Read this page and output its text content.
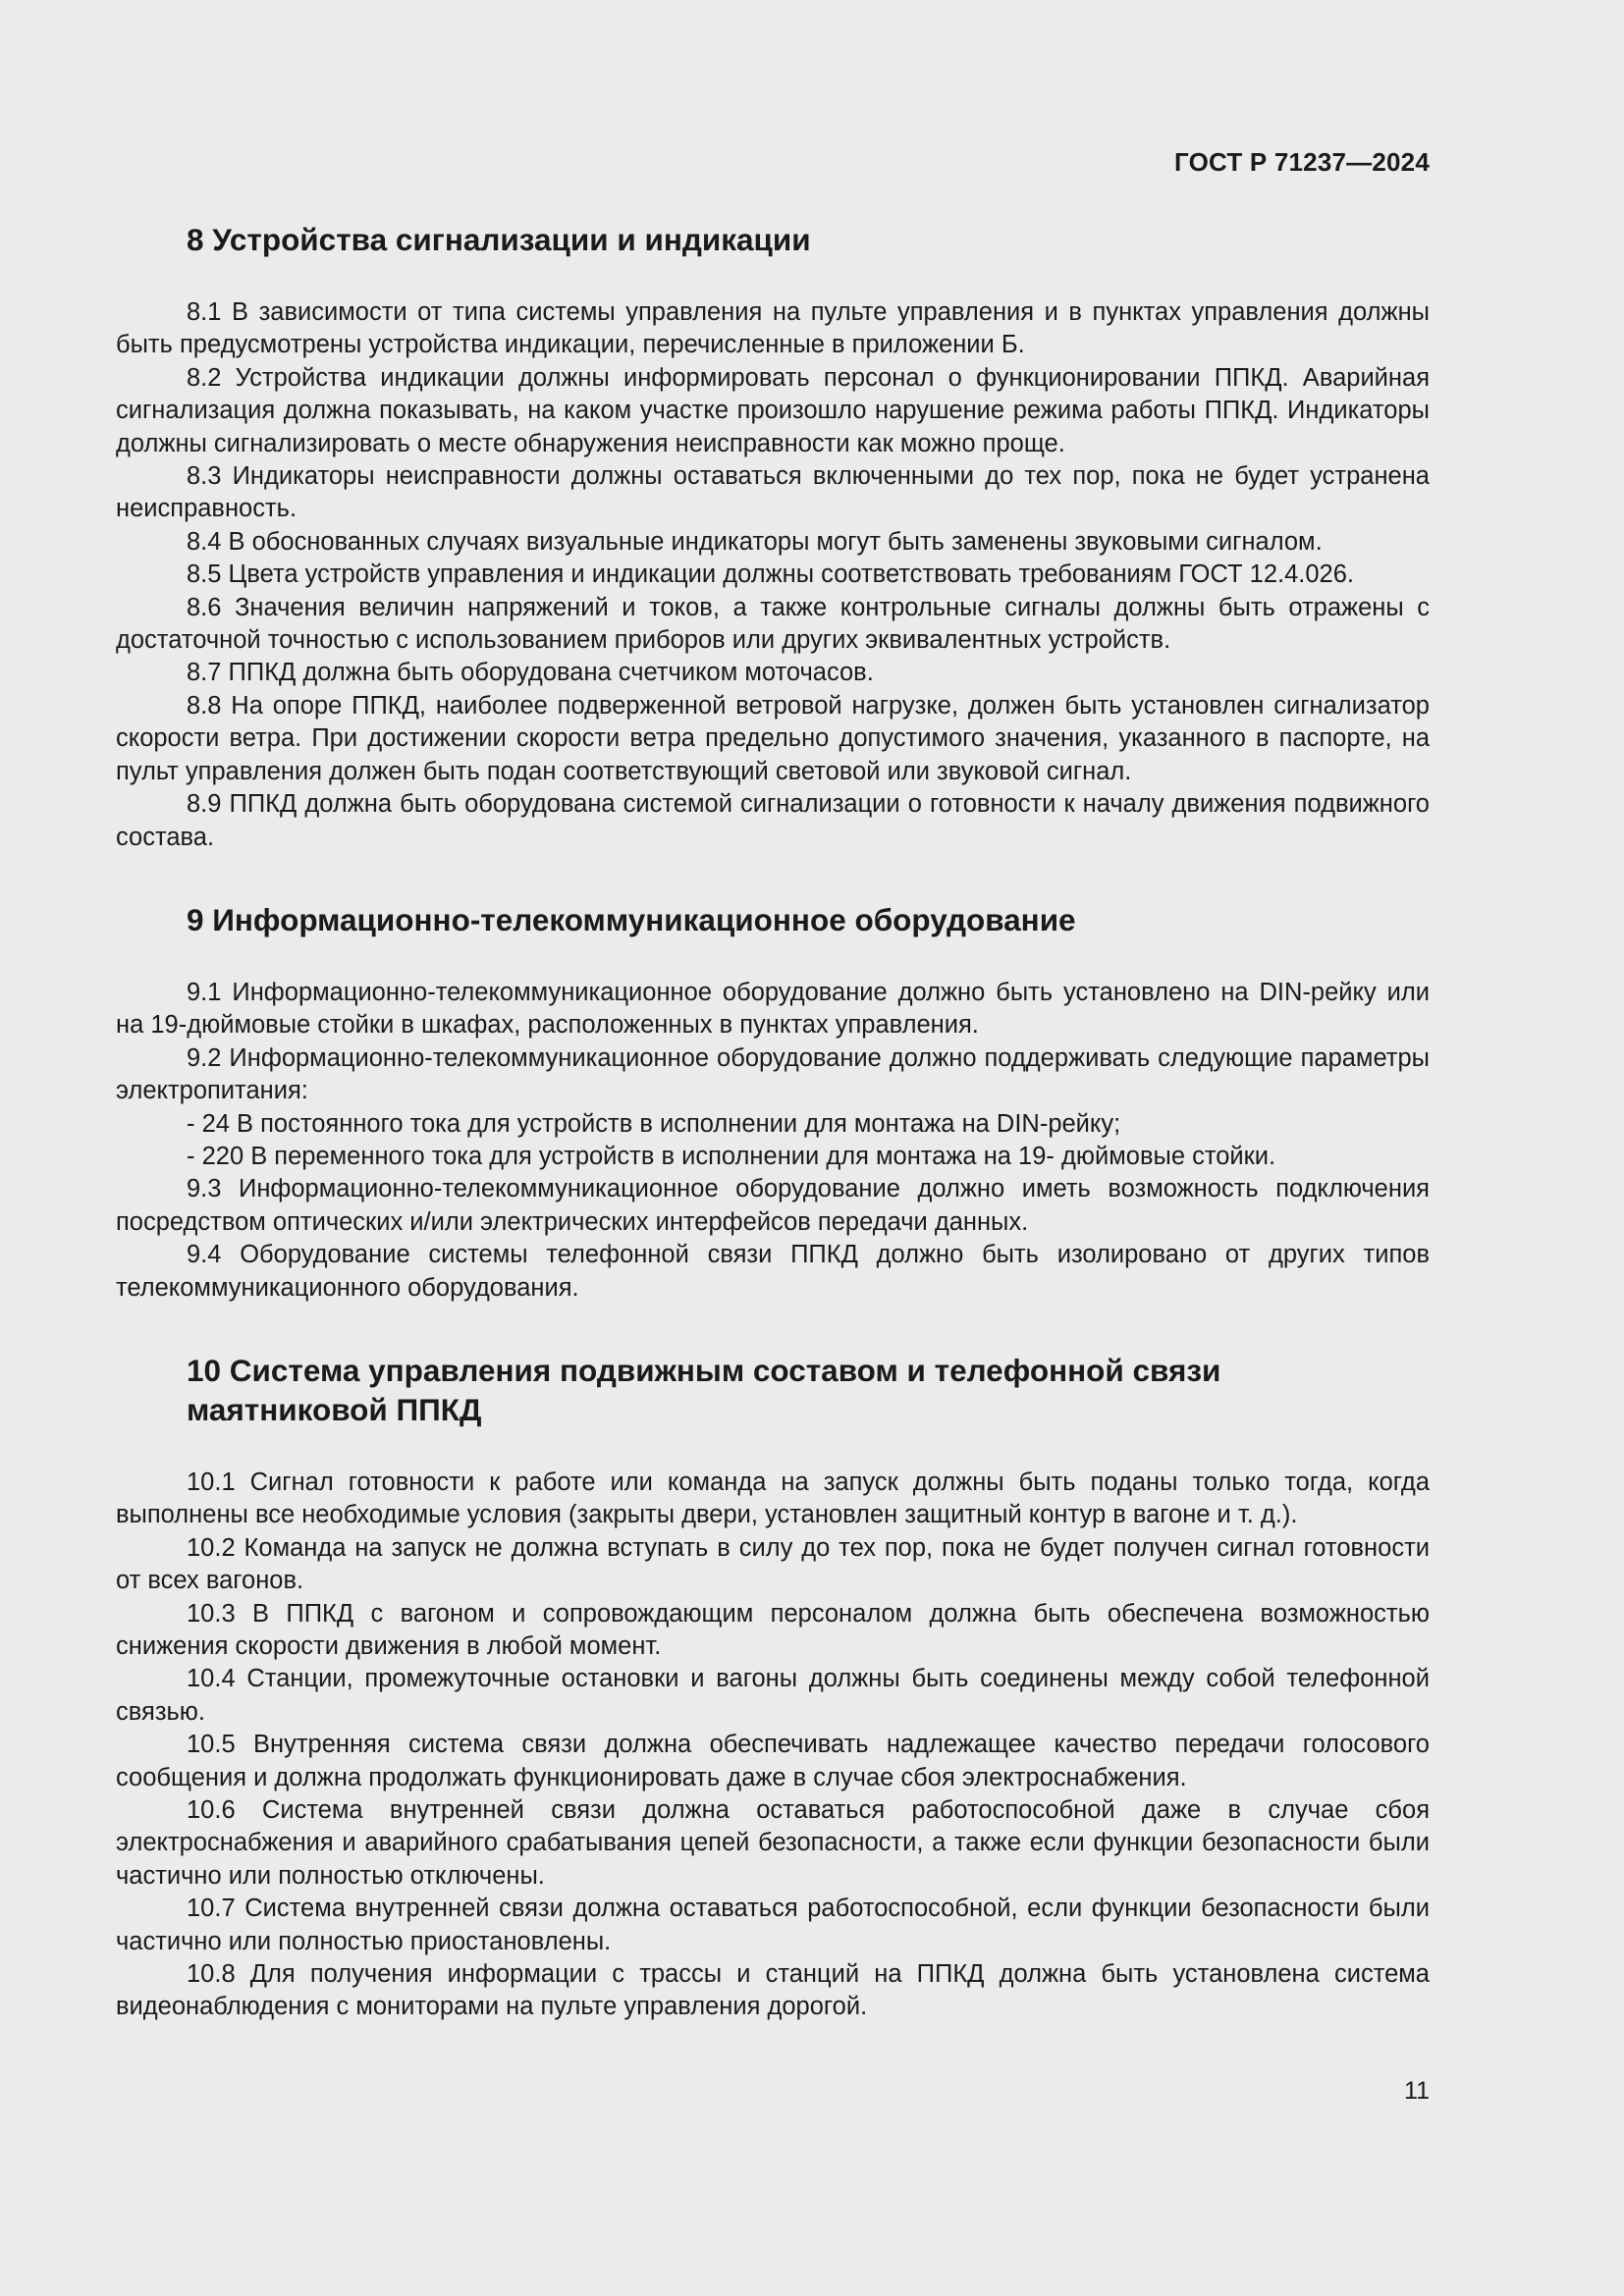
ГОСТ Р 71237—2024
8 Устройства сигнализации и индикации

8.1 В зависимости от типа системы управления на пульте управления и в пунктах управления должны быть предусмотрены устройства индикации, перечисленные в приложении Б.

8.2 Устройства индикации должны информировать персонал о функционировании ППКД. Аварийная сигнализация должна показывать, на каком участке произошло нарушение режима работы ППКД. Индикаторы должны сигнализировать о месте обнаружения неисправности как можно проще.

8.3 Индикаторы неисправности должны оставаться включенными до тех пор, пока не будет устранена неисправность.

8.4 В обоснованных случаях визуальные индикаторы могут быть заменены звуковыми сигналом.

8.5 Цвета устройств управления и индикации должны соответствовать требованиям ГОСТ 12.4.026.

8.6 Значения величин напряжений и токов, а также контрольные сигналы должны быть отражены с достаточной точностью с использованием приборов или других эквивалентных устройств.

8.7 ППКД должна быть оборудована счетчиком моточасов.

8.8 На опоре ППКД, наиболее подверженной ветровой нагрузке, должен быть установлен сигнализатор скорости ветра. При достижении скорости ветра предельно допустимого значения, указанного в паспорте, на пульт управления должен быть подан соответствующий световой или звуковой сигнал.

8.9 ППКД должна быть оборудована системой сигнализации о готовности к началу движения подвижного состава.

9 Информационно-телекоммуникационное оборудование

9.1 Информационно-телекоммуникационное оборудование должно быть установлено на DIN-рейку или на 19-дюймовые стойки в шкафах, расположенных в пунктах управления.

9.2 Информационно-телекоммуникационное оборудование должно поддерживать следующие параметры электропитания:

- 24 В постоянного тока для устройств в исполнении для монтажа на DIN-рейку;

- 220 В переменного тока для устройств в исполнении для монтажа на 19- дюймовые стойки.

9.3 Информационно-телекоммуникационное оборудование должно иметь возможность подключения посредством оптических и/или электрических интерфейсов передачи данных.

9.4 Оборудование системы телефонной связи ППКД должно быть изолировано от других типов телекоммуникационного оборудования.

10 Система управления подвижным составом и телефонной связи маятниковой ППКД

10.1 Сигнал готовности к работе или команда на запуск должны быть поданы только тогда, когда выполнены все необходимые условия (закрыты двери, установлен защитный контур в вагоне и т. д.).

10.2 Команда на запуск не должна вступать в силу до тех пор, пока не будет получен сигнал готовности от всех вагонов.

10.3 В ППКД с вагоном и сопровождающим персоналом должна быть обеспечена возможностью снижения скорости движения в любой момент.

10.4 Станции, промежуточные остановки и вагоны должны быть соединены между собой телефонной связью.

10.5 Внутренняя система связи должна обеспечивать надлежащее качество передачи голосового сообщения и должна продолжать функционировать даже в случае сбоя электроснабжения.

10.6 Система внутренней связи должна оставаться работоспособной даже в случае сбоя электроснабжения и аварийного срабатывания цепей безопасности, а также если функции безопасности были частично или полностью отключены.

10.7 Система внутренней связи должна оставаться работоспособной, если функции безопасности были частично или полностью приостановлены.

10.8 Для получения информации с трассы и станций на ППКД должна быть установлена система видеонаблюдения с мониторами на пульте управления дорогой.

11
